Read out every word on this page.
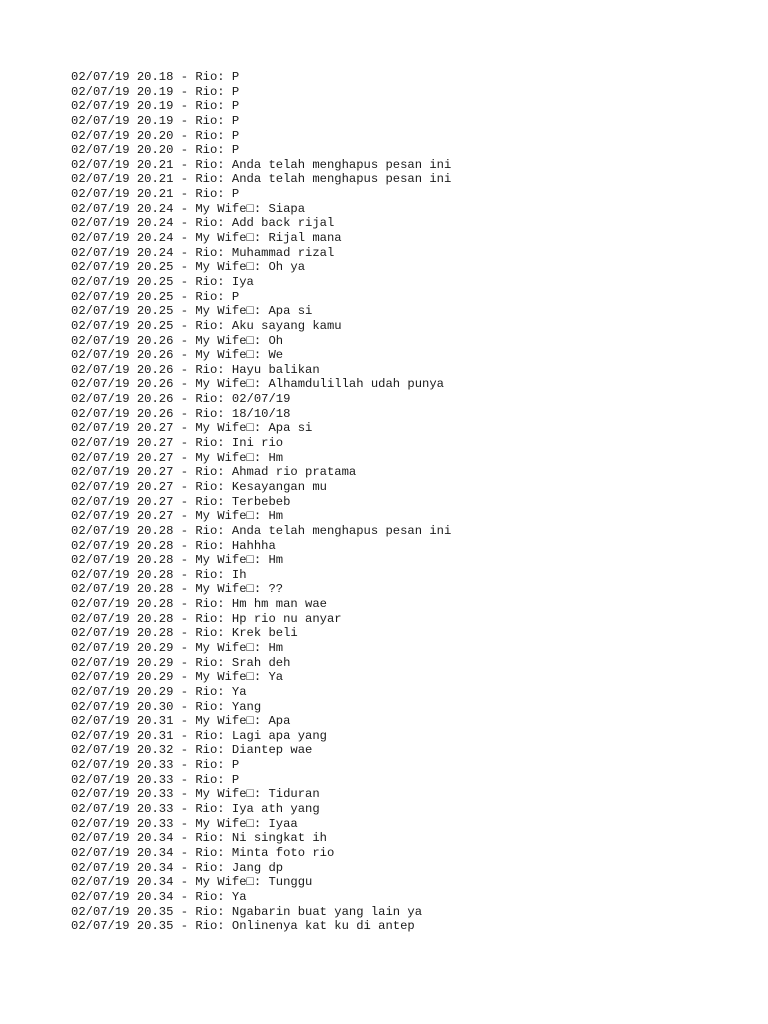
02/07/19 20.18 - Rio: P
02/07/19 20.19 - Rio: P
02/07/19 20.19 - Rio: P
02/07/19 20.19 - Rio: P
02/07/19 20.20 - Rio: P
02/07/19 20.20 - Rio: P
02/07/19 20.21 - Rio: Anda telah menghapus pesan ini
02/07/19 20.21 - Rio: Anda telah menghapus pesan ini
02/07/19 20.21 - Rio: P
02/07/19 20.24 - My Wife□: Siapa
02/07/19 20.24 - Rio: Add back rijal
02/07/19 20.24 - My Wife□: Rijal mana
02/07/19 20.24 - Rio: Muhammad rizal
02/07/19 20.25 - My Wife□: Oh ya
02/07/19 20.25 - Rio: Iya
02/07/19 20.25 - Rio: P
02/07/19 20.25 - My Wife□: Apa si
02/07/19 20.25 - Rio: Aku sayang kamu
02/07/19 20.26 - My Wife□: Oh
02/07/19 20.26 - My Wife□: We
02/07/19 20.26 - Rio: Hayu balikan
02/07/19 20.26 - My Wife□: Alhamdulillah udah punya
02/07/19 20.26 - Rio: 02/07/19
02/07/19 20.26 - Rio: 18/10/18
02/07/19 20.27 - My Wife□: Apa si
02/07/19 20.27 - Rio: Ini rio
02/07/19 20.27 - My Wife□: Hm
02/07/19 20.27 - Rio: Ahmad rio pratama
02/07/19 20.27 - Rio: Kesayangan mu
02/07/19 20.27 - Rio: Terbebeb
02/07/19 20.27 - My Wife□: Hm
02/07/19 20.28 - Rio: Anda telah menghapus pesan ini
02/07/19 20.28 - Rio: Hahhha
02/07/19 20.28 - My Wife□: Hm
02/07/19 20.28 - Rio: Ih
02/07/19 20.28 - My Wife□: ??
02/07/19 20.28 - Rio: Hm hm man wae
02/07/19 20.28 - Rio: Hp rio nu anyar
02/07/19 20.28 - Rio: Krek beli
02/07/19 20.29 - My Wife□: Hm
02/07/19 20.29 - Rio: Srah deh
02/07/19 20.29 - My Wife□: Ya
02/07/19 20.29 - Rio: Ya
02/07/19 20.30 - Rio: Yang
02/07/19 20.31 - My Wife□: Apa
02/07/19 20.31 - Rio: Lagi apa yang
02/07/19 20.32 - Rio: Diantep wae
02/07/19 20.33 - Rio: P
02/07/19 20.33 - Rio: P
02/07/19 20.33 - My Wife□: Tiduran
02/07/19 20.33 - Rio: Iya ath yang
02/07/19 20.33 - My Wife□: Iyaa
02/07/19 20.34 - Rio: Ni singkat ih
02/07/19 20.34 - Rio: Minta foto rio
02/07/19 20.34 - Rio: Jang dp
02/07/19 20.34 - My Wife□: Tunggu
02/07/19 20.34 - Rio: Ya
02/07/19 20.35 - Rio: Ngabarin buat yang lain ya
02/07/19 20.35 - Rio: Onlinenya kat ku di antep
